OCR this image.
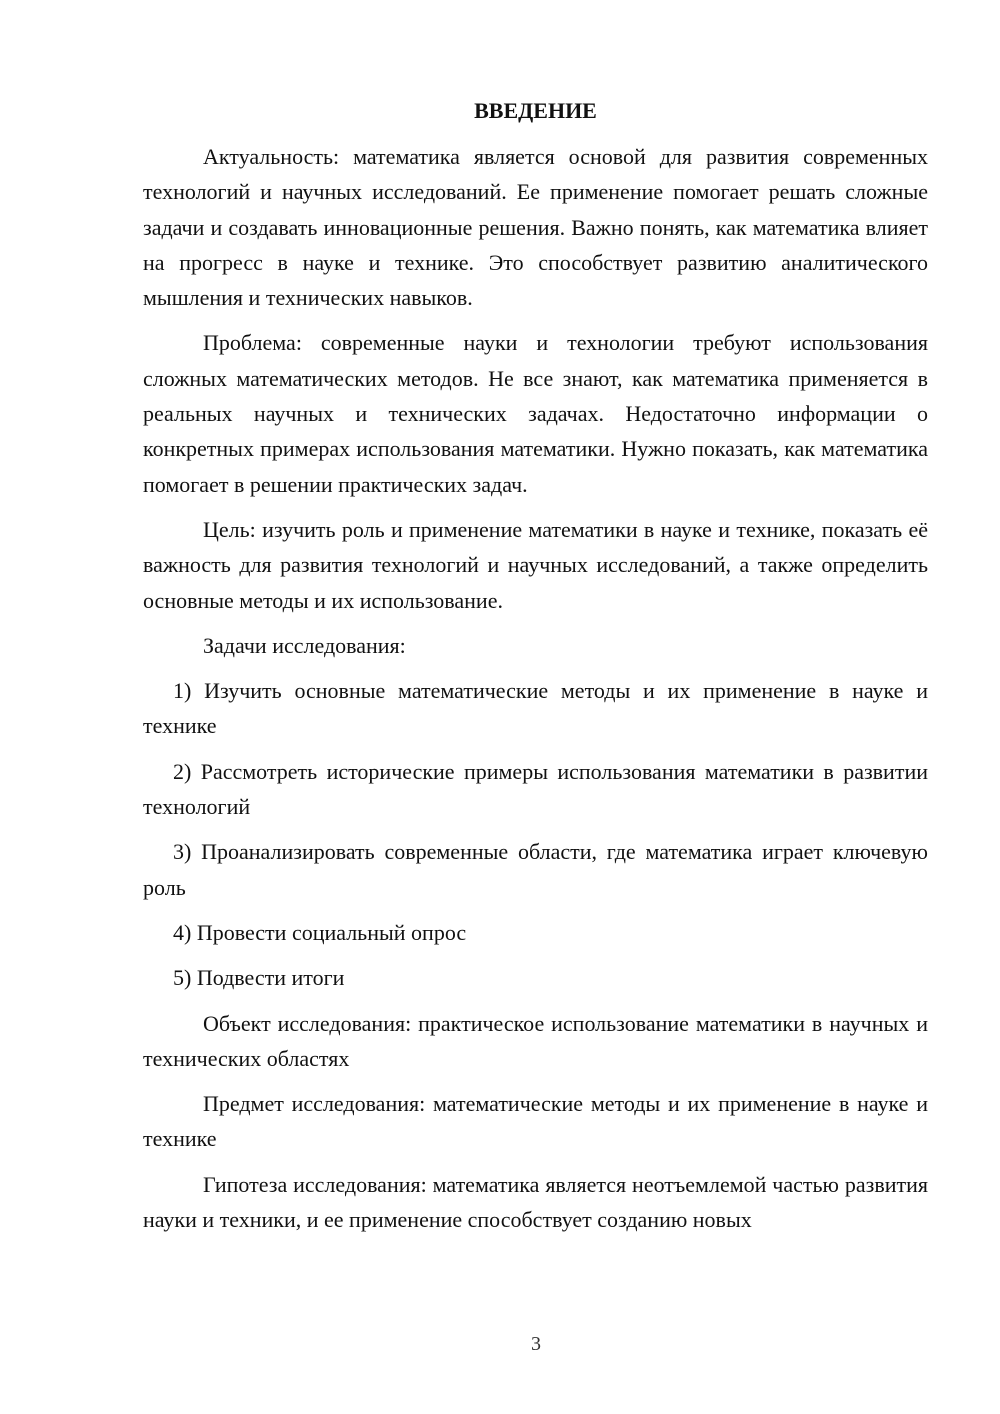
ВВЕДЕНИЕ

Актуальность: математика является основой для развития современных технологий и научных исследований. Ее применение помогает решать сложные задачи и создавать инновационные решения. Важно понять, как математика влияет на прогресс в науке и технике. Это способствует развитию аналитического мышления и технических навыков.

Проблема: современные науки и технологии требуют использования сложных математических методов. Не все знают, как математика применяется в реальных научных и технических задачах. Недостаточно информации о конкретных примерах использования математики. Нужно показать, как математика помогает в решении практических задач.

Цель: изучить роль и применение математики в науке и технике, показать её важность для развития технологий и научных исследований, а также определить основные методы и их использование.

Задачи исследования:

1) Изучить основные математические методы и их применение в науке и технике

2) Рассмотреть исторические примеры использования математики в развитии технологий

3) Проанализировать современные области, где математика играет ключевую роль

4) Провести социальный опрос

5) Подвести итоги

Объект исследования: практическое использование математики в научных и технических областях

Предмет исследования: математические методы и их применение в науке и технике

Гипотеза исследования: математика является неотъемлемой частью развития науки и техники, и ее применение способствует созданию новых

3
